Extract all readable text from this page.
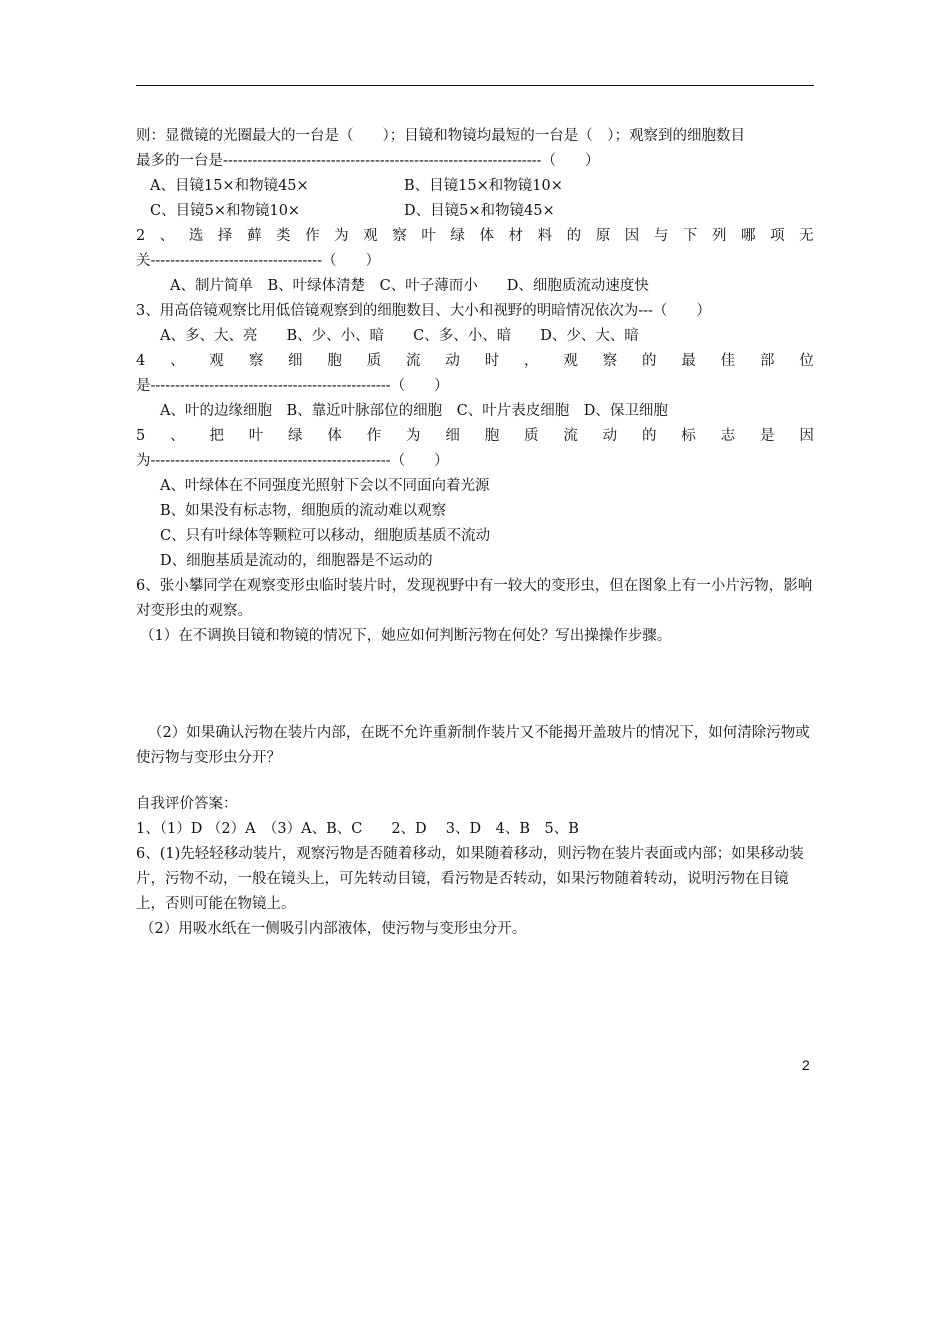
则：显微镜的光圈最大的一台是（　　）；目镜和物镜均最短的一台是（　）；观察到的细胞数目

最多的一台是-----------------------------------------------------------------（　　）

A、目镜15×和物镜45×	B、目镜15×和物镜10×

C、目镜5×和物镜10×	D、目镜5×和物镜45×

2 、 选 择 藓 类 作 为 观 察 叶 绿 体 材 料 的 原 因 与 下 列 哪 项 无

关-----------------------------------（　　）

A、制片简单　B、叶绿体清楚　C、叶子薄而小　　D、细胞质流动速度快

3、用高倍镜观察比用低倍镜观察到的细胞数目、大小和视野的明暗情况依次为---（　　）

A、多、大、亮　　B、少、小、暗　　C、多、小、暗　　D、少、大、暗

4 、 观 察 细 胞 质 流 动 时 ， 观 察 的 最 佳 部 位

是-------------------------------------------------（　　）

A、叶的边缘细胞　B、靠近叶脉部位的细胞　C、叶片表皮细胞　D、保卫细胞

5 、 把 叶 绿 体 作 为 细 胞 质 流 动 的 标 志 是 因

为-------------------------------------------------（　　）

A、叶绿体在不同强度光照射下会以不同面向着光源

B、如果没有标志物，细胞质的流动难以观察

C、只有叶绿体等颗粒可以移动，细胞质基质不流动

D、细胞基质是流动的，细胞器是不运动的

6、张小攀同学在观察变形虫临时装片时，发现视野中有一较大的变形虫，但在图象上有一小片污物，影响对变形虫的观察。

（1）在不调换目镜和物镜的情况下，她应如何判断污物在何处？写出操操作步骤。

（2）如果确认污物在装片内部，在既不允许重新制作装片又不能揭开盖玻片的情况下，如何清除污物或使污物与变形虫分开？

自我评价答案：

1、（1）D （2）A　（3）A、B、C　　2、D　 3、D　4、B　5、B

6、(1)先轻轻移动装片，观察污物是否随着移动，如果随着移动，则污物在装片表面或内部；如果移动装片，污物不动，一般在镜头上，可先转动目镜，看污物是否转动，如果污物随着转动，说明污物在目镜上，否则可能在物镜上。

（2）用吸水纸在一侧吸引内部液体，使污物与变形虫分开。

2
